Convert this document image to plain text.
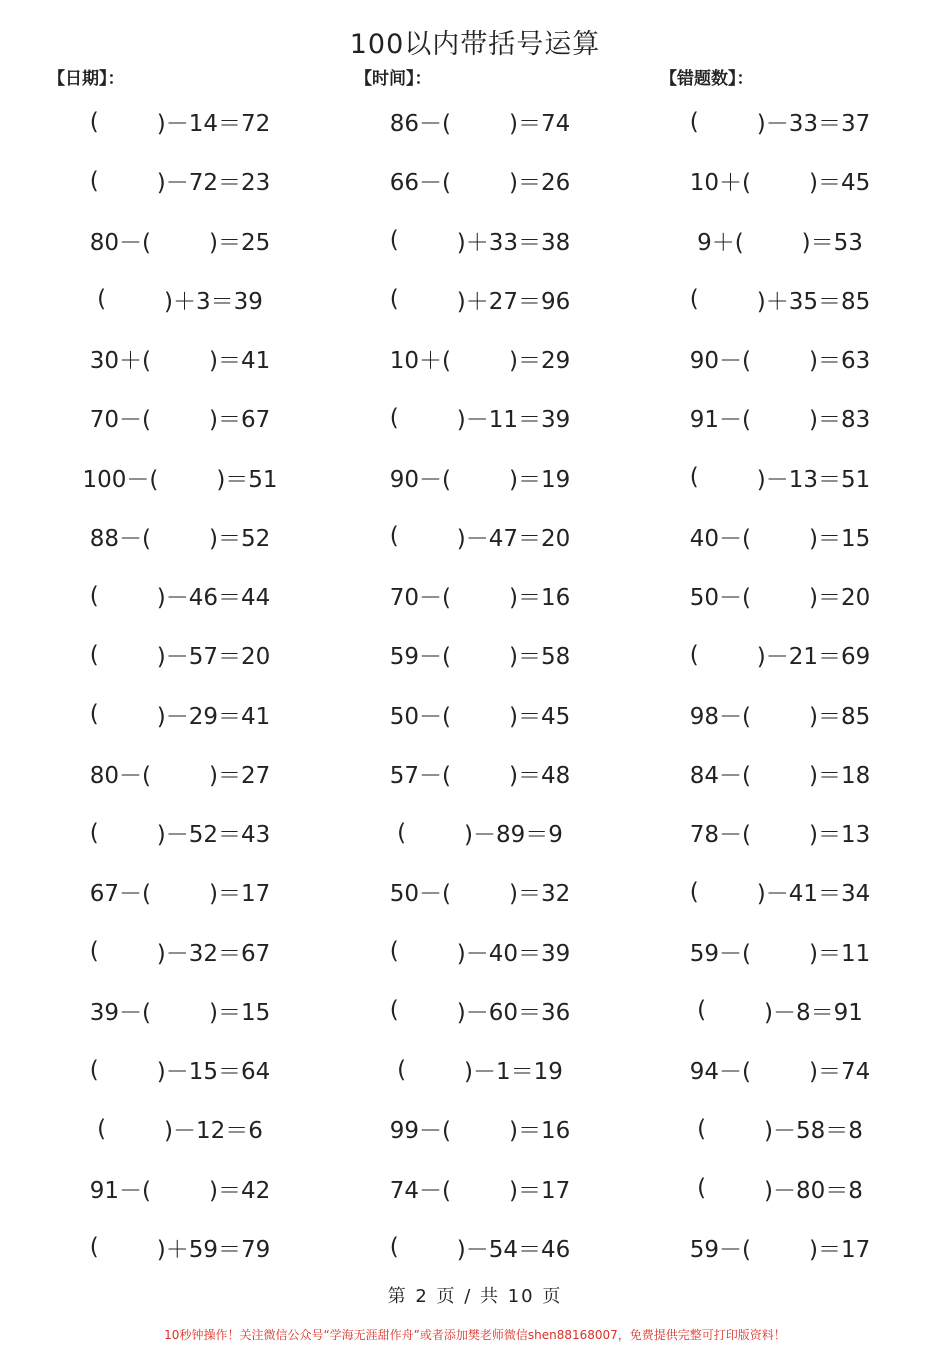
100以内带括号运算
【日期】：	【时间】：	【错题数】：
(	)－14＝72	86－(	)＝74	(	)－33＝37
(	)－72＝23	66－(	)＝26	10＋(	)＝45
80－(	)＝25	(	)＋33＝38	9＋(	)＝53
(	)＋3＝39	(	)＋27＝96	(	)＋35＝85
30＋(	)＝41	10＋(	)＝29	90－(	)＝63
70－(	)＝67	(	)－11＝39	91－(	)＝83
100－(	)＝51	90－(	)＝19	(	)－13＝51
88－(	)＝52	(	)－47＝20	40－(	)＝15
(	)－46＝44	70－(	)＝16	50－(	)＝20
(	)－57＝20	59－(	)＝58	(	)－21＝69
(	)－29＝41	50－(	)＝45	98－(	)＝85
80－(	)＝27	57－(	)＝48	84－(	)＝18
(	)－52＝43	(	)－89＝9	78－(	)＝13
67－(	)＝17	50－(	)＝32	(	)－41＝34
(	)－32＝67	(	)－40＝39	59－(	)＝11
39－(	)＝15	(	)－60＝36	(	)－8＝91
(	)－15＝64	(	)－1＝19	94－(	)＝74
(	)－12＝6	99－(	)＝16	(	)－58＝8
91－(	)＝42	74－(	)＝17	(	)－80＝8
(	)＋59＝79	(	)－54＝46	59－(	)＝17
第 2 页 / 共 10 页
10秒钟操作！关注微信公众号“学海无涯甜作舟”或者添加樊老师微信shen88168007，免费提供完整可打印版资料！
